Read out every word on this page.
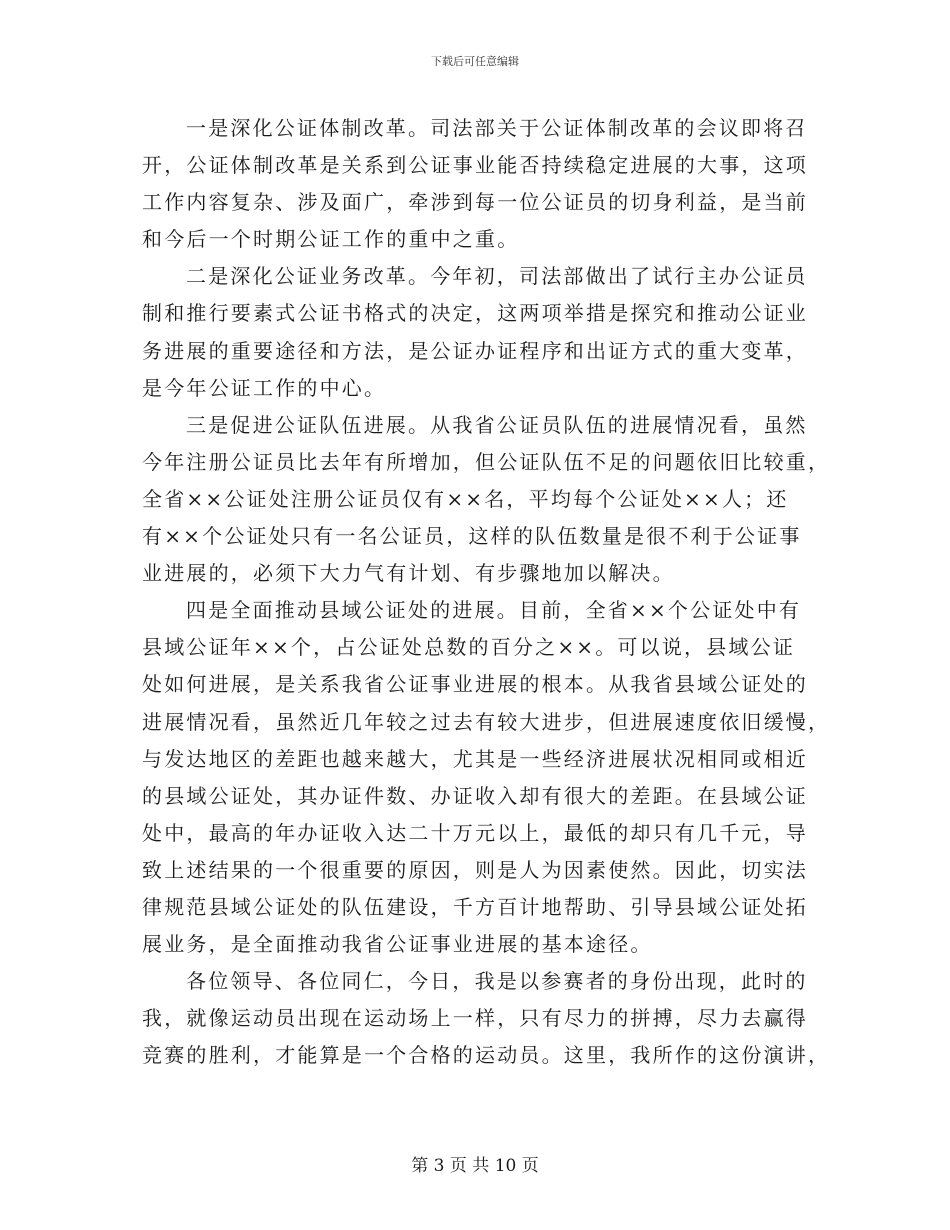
下载后可任意编辑
一是深化公证体制改革。司法部关于公证体制改革的会议即将召
开，公证体制改革是关系到公证事业能否持续稳定进展的大事，这项
工作内容复杂、涉及面广，牵涉到每一位公证员的切身利益，是当前
和今后一个时期公证工作的重中之重。
二是深化公证业务改革。今年初，司法部做出了试行主办公证员
制和推行要素式公证书格式的决定，这两项举措是探究和推动公证业
务进展的重要途径和方法，是公证办证程序和出证方式的重大变革，
是今年公证工作的中心。
三是促进公证队伍进展。从我省公证员队伍的进展情况看，虽然
今年注册公证员比去年有所增加，但公证队伍不足的问题依旧比较重，
全省××公证处注册公证员仅有××名，平均每个公证处××人；还
有××个公证处只有一名公证员，这样的队伍数量是很不利于公证事
业进展的，必须下大力气有计划、有步骤地加以解决。
四是全面推动县域公证处的进展。目前，全省××个公证处中有
县域公证年××个，占公证处总数的百分之××。可以说，县域公证
处如何进展，是关系我省公证事业进展的根本。从我省县域公证处的
进展情况看，虽然近几年较之过去有较大进步，但进展速度依旧缓慢，
与发达地区的差距也越来越大，尤其是一些经济进展状况相同或相近
的县域公证处，其办证件数、办证收入却有很大的差距。在县域公证
处中，最高的年办证收入达二十万元以上，最低的却只有几千元，导
致上述结果的一个很重要的原因，则是人为因素使然。因此，切实法
律规范县域公证处的队伍建设，千方百计地帮助、引导县域公证处拓
展业务，是全面推动我省公证事业进展的基本途径。
各位领导、各位同仁，今日，我是以参赛者的身份出现，此时的
我，就像运动员出现在运动场上一样，只有尽力的拼搏，尽力去赢得
竞赛的胜利，才能算是一个合格的运动员。这里，我所作的这份演讲，
第 3 页 共 10 页
